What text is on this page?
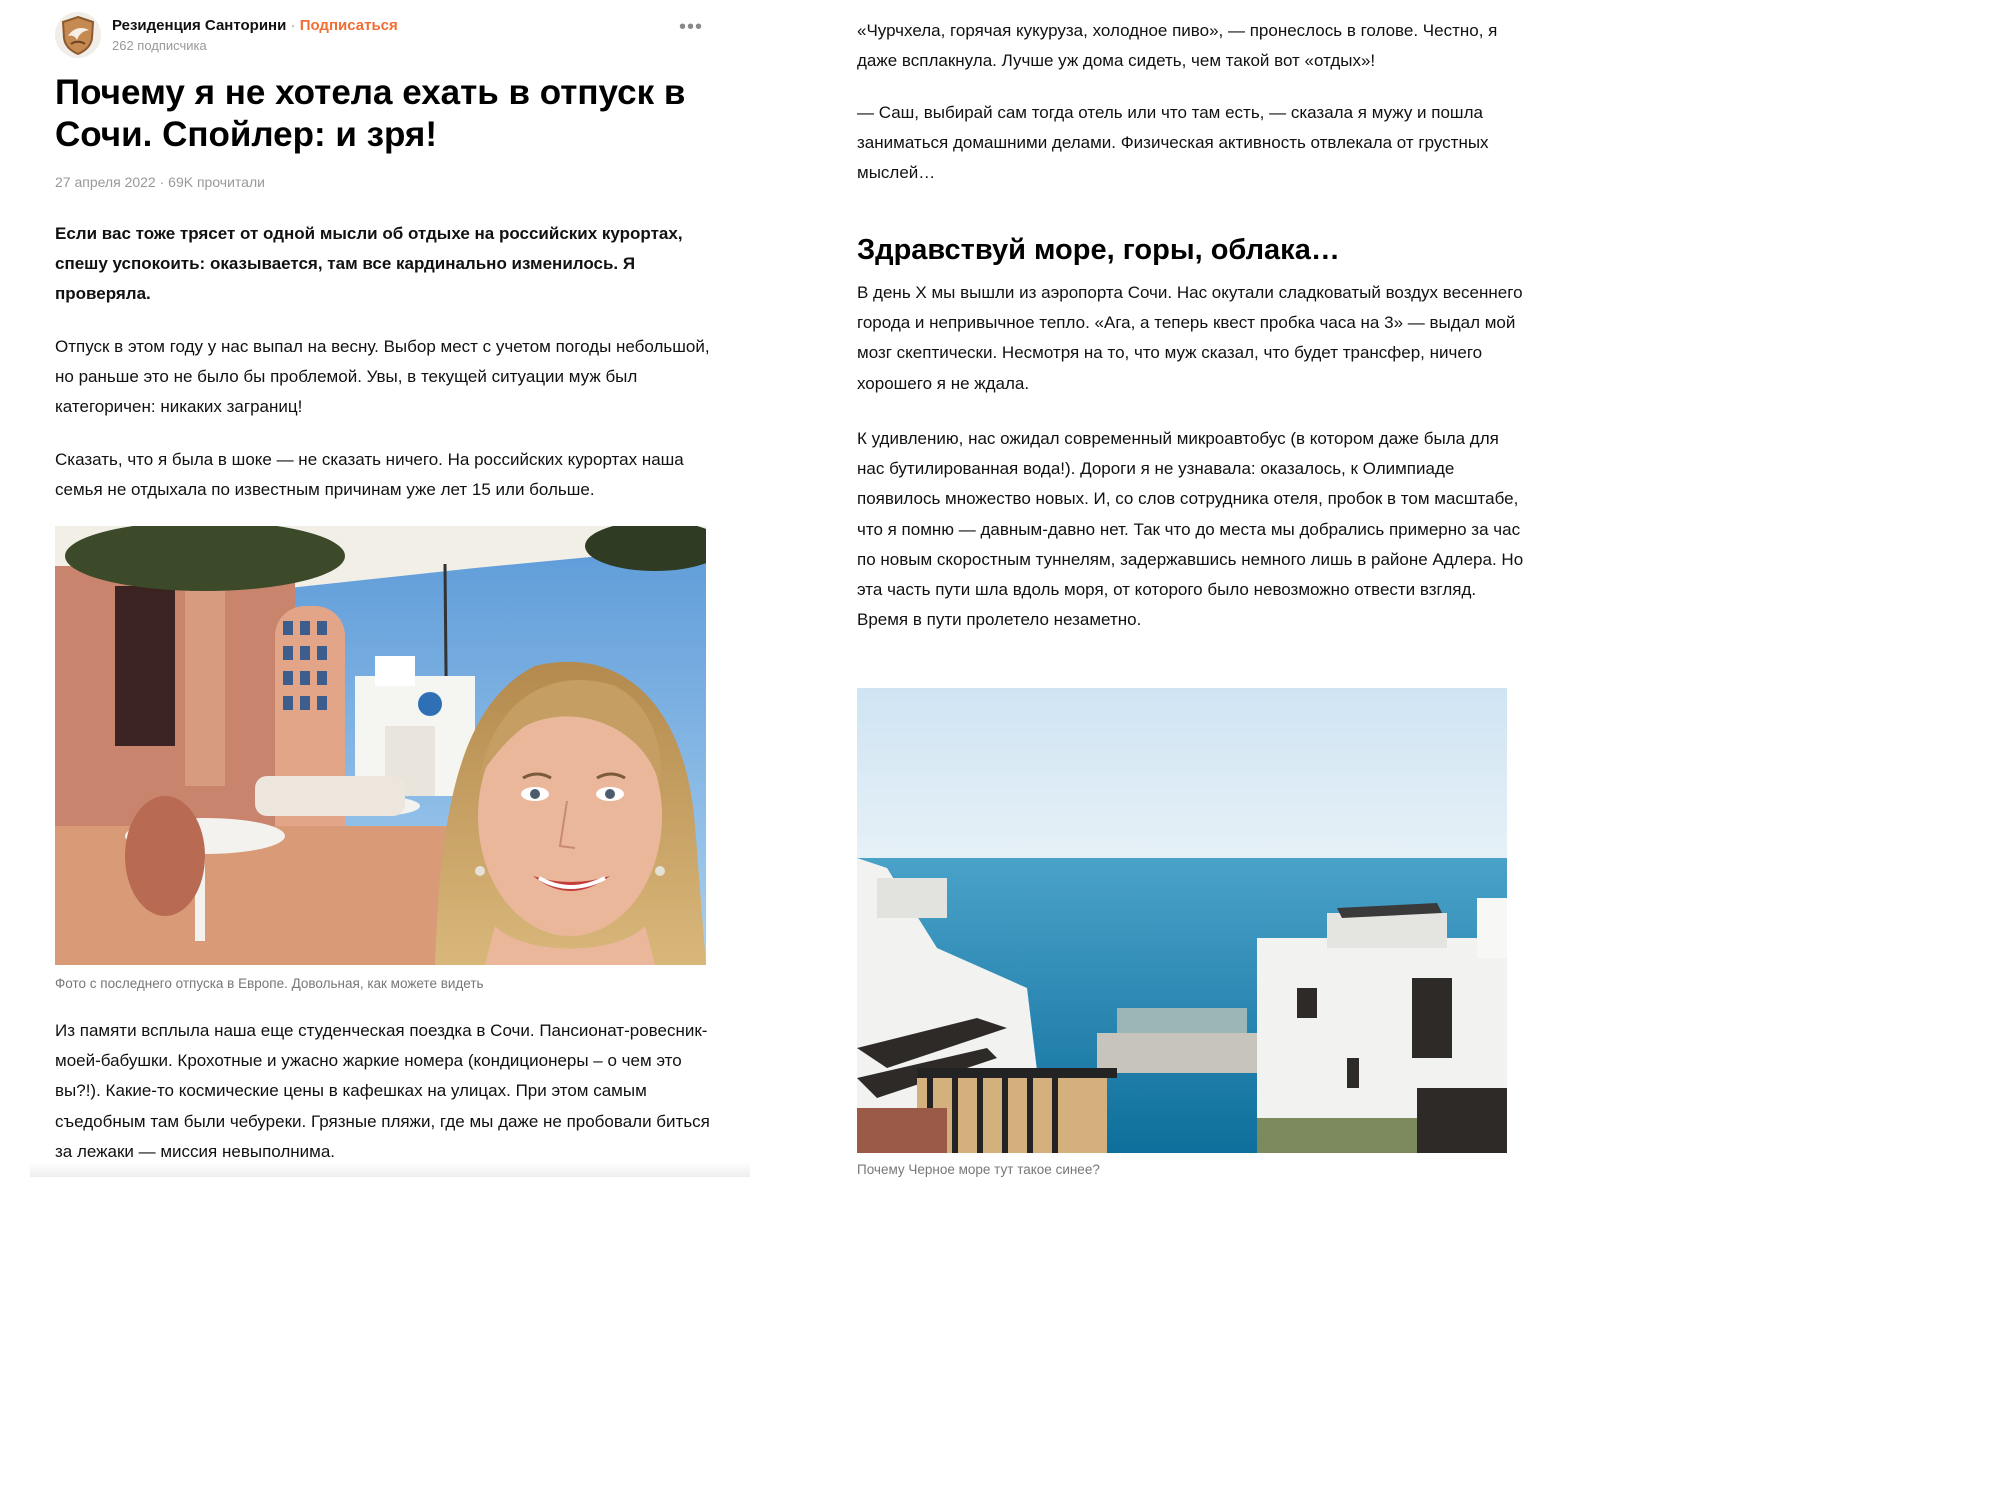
Резиденция Санторини · Подписаться
262 подписчика
•••
Почему я не хотела ехать в отпуск в Сочи. Спойлер: и зря!
27 апреля 2022 · 69K прочитали

Если вас тоже трясет от одной мысли об отдыхе на российских курортах, спешу успокоить: оказывается, там все кардинально изменилось. Я проверяла.

Отпуск в этом году у нас выпал на весну. Выбор мест с учетом погоды небольшой, но раньше это не было бы проблемой. Увы, в текущей ситуации муж был категоричен: никаких заграниц!

Сказать, что я была в шоке — не сказать ничего. На российских курортах наша семья не отдыхала по известным причинам уже лет 15 или больше.

Фото с последнего отпуска в Европе. Довольная, как можете видеть

Из памяти всплыла наша еще студенческая поездка в Сочи. Пансионат-ровесник-моей-бабушки. Крохотные и ужасно жаркие номера (кондиционеры – о чем это вы?!). Какие-то космические цены в кафешках на улицах. При этом самым съедобным там были чебуреки. Грязные пляжи, где мы даже не пробовали биться за лежаки — миссия невыполнима.

«Чурчхела, горячая кукуруза, холодное пиво», — пронеслось в голове. Честно, я даже всплакнула. Лучше уж дома сидеть, чем такой вот «отдых»!

— Саш, выбирай сам тогда отель или что там есть, — сказала я мужу и пошла заниматься домашними делами. Физическая активность отвлекала от грустных мыслей…

Здравствуй море, горы, облака…

В день Х мы вышли из аэропорта Сочи. Нас окутали сладковатый воздух весеннего города и непривычное тепло. «Ага, а теперь квест пробка часа на 3» — выдал мой мозг скептически. Несмотря на то, что муж сказал, что будет трансфер, ничего хорошего я не ждала.

К удивлению, нас ожидал современный микроавтобус (в котором даже была для нас бутилированная вода!). Дороги я не узнавала: оказалось, к Олимпиаде появилось множество новых. И, со слов сотрудника отеля, пробок в том масштабе, что я помню — давным-давно нет. Так что до места мы добрались примерно за час по новым скоростным туннелям, задержавшись немного лишь в районе Адлера. Но эта часть пути шла вдоль моря, от которого было невозможно отвести взгляд. Время в пути пролетело незаметно.

Почему Черное море тут такое синее?
